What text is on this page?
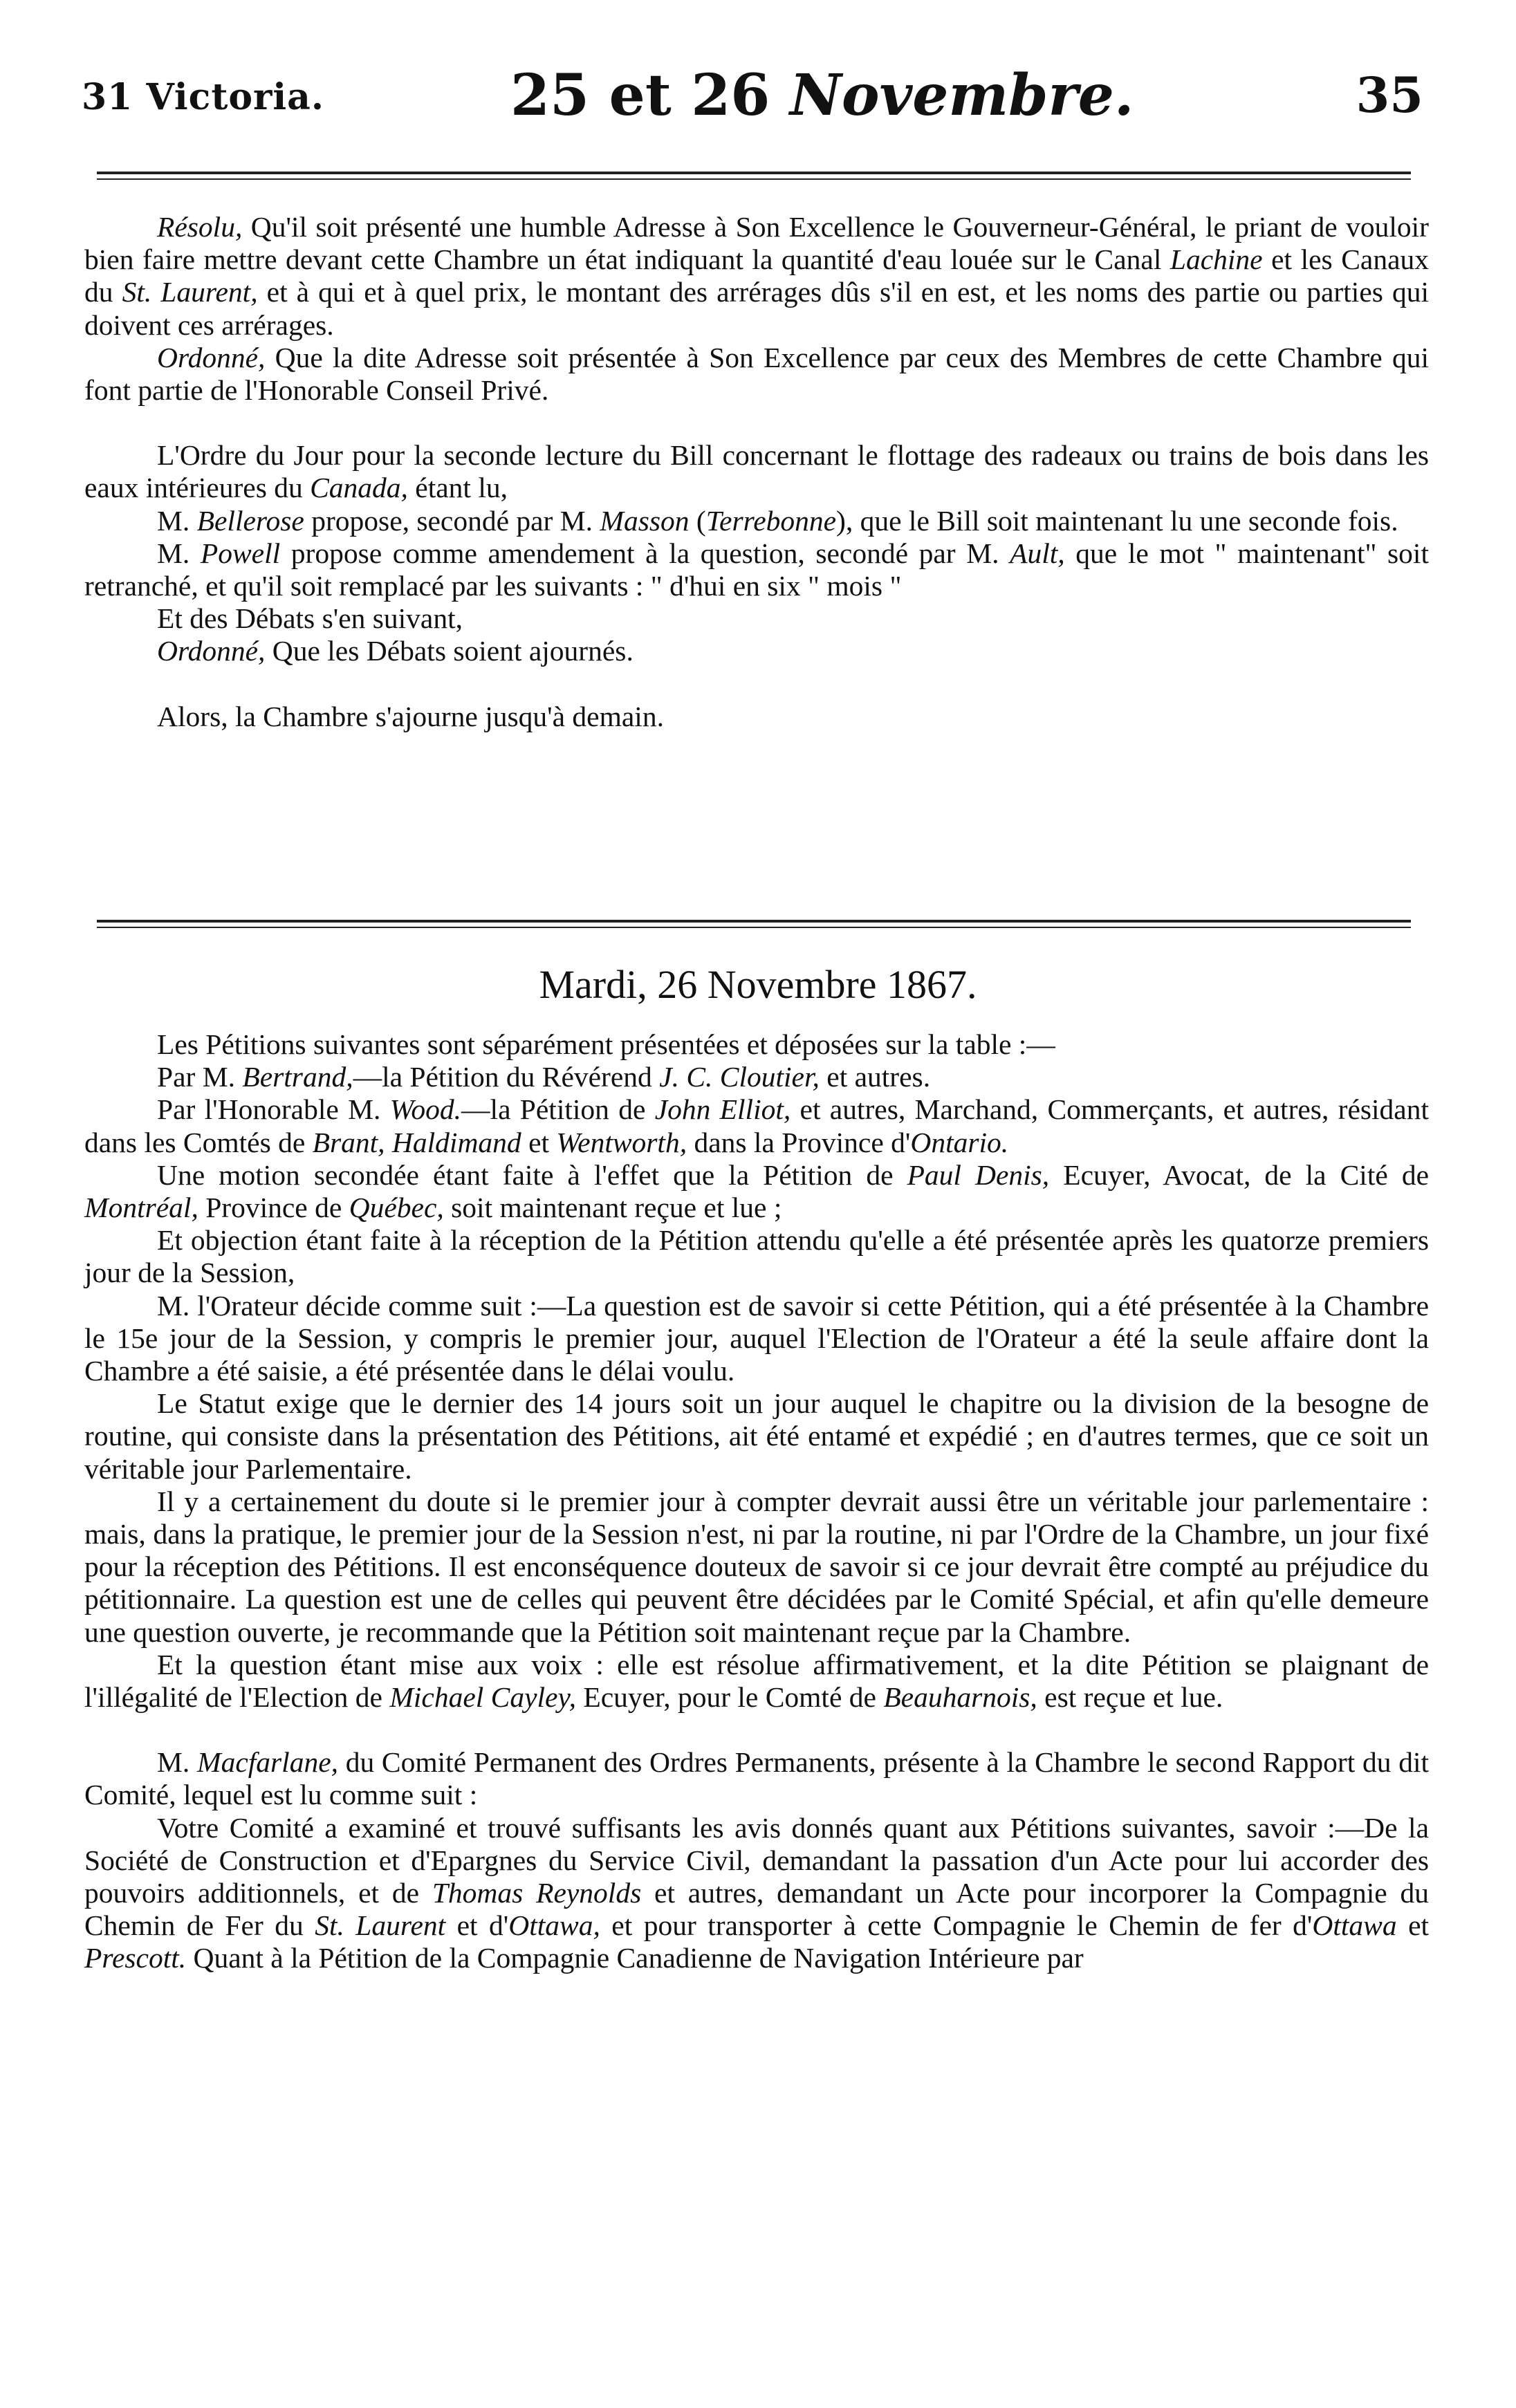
31 Victoria.	25 et 26 Novembre.	35

Résolu, Qu'il soit présenté une humble Adresse à Son Excellence le Gouverneur-Général, le priant de vouloir bien faire mettre devant cette Chambre un état indiquant la quantité d'eau louée sur le Canal Lachine et les Canaux du St. Laurent, et à qui et à quel prix, le montant des arrérages dûs s'il en est, et les noms des partie ou parties qui doivent ces arrérages.

Ordonné, Que la dite Adresse soit présentée à Son Excellence par ceux des Membres de cette Chambre qui font partie de l'Honorable Conseil Privé.

L'Ordre du Jour pour la seconde lecture du Bill concernant le flottage des radeaux ou trains de bois dans les eaux intérieures du Canada, étant lu,

M. Bellerose propose, secondé par M. Masson (Terrebonne), que le Bill soit maintenant lu une seconde fois.

M. Powell propose comme amendement à la question, secondé par M. Ault, que le mot " maintenant" soit retranché, et qu'il soit remplacé par les suivants : " d'hui en six " mois "

Et des Débats s'en suivant,

Ordonné, Que les Débats soient ajournés.

Alors, la Chambre s'ajourne jusqu'à demain.

Mardi, 26 Novembre 1867.

Les Pétitions suivantes sont séparément présentées et déposées sur la table :—

Par M. Bertrand,—la Pétition du Révérend J. C. Cloutier, et autres.

Par l'Honorable M. Wood.—la Pétition de John Elliot, et autres, Marchand, Commerçants, et autres, résidant dans les Comtés de Brant, Haldimand et Wentworth, dans la Province d'Ontario.

Une motion secondée étant faite à l'effet que la Pétition de Paul Denis, Ecuyer, Avocat, de la Cité de Montréal, Province de Québec, soit maintenant reçue et lue ;

Et objection étant faite à la réception de la Pétition attendu qu'elle a été présentée après les quatorze premiers jour de la Session,

M. l'Orateur décide comme suit :—La question est de savoir si cette Pétition, qui a été présentée à la Chambre le 15e jour de la Session, y compris le premier jour, auquel l'Election de l'Orateur a été la seule affaire dont la Chambre a été saisie, a été présentée dans le délai voulu.

Le Statut exige que le dernier des 14 jours soit un jour auquel le chapitre ou la division de la besogne de routine, qui consiste dans la présentation des Pétitions, ait été entamé et expédié ; en d'autres termes, que ce soit un véritable jour Parlementaire.

Il y a certainement du doute si le premier jour à compter devrait aussi être un véritable jour parlementaire : mais, dans la pratique, le premier jour de la Session n'est, ni par la routine, ni par l'Ordre de la Chambre, un jour fixé pour la réception des Pétitions. Il est enconséquence douteux de savoir si ce jour devrait être compté au préjudice du pétitionnaire. La question est une de celles qui peuvent être décidées par le Comité Spécial, et afin qu'elle demeure une question ouverte, je recommande que la Pétition soit maintenant reçue par la Chambre.

Et la question étant mise aux voix : elle est résolue affirmativement, et la dite Pétition se plaignant de l'illégalité de l'Election de Michael Cayley, Ecuyer, pour le Comté de Beauharnois, est reçue et lue.

M. Macfarlane, du Comité Permanent des Ordres Permanents, présente à la Chambre le second Rapport du dit Comité, lequel est lu comme suit :

Votre Comité a examiné et trouvé suffisants les avis donnés quant aux Pétitions suivantes, savoir :—De la Société de Construction et d'Epargnes du Service Civil, demandant la passation d'un Acte pour lui accorder des pouvoirs additionnels, et de Thomas Reynolds et autres, demandant un Acte pour incorporer la Compagnie du Chemin de Fer du St. Laurent et d'Ottawa, et pour transporter à cette Compagnie le Chemin de fer d'Ottawa et Prescott. Quant à la Pétition de la Compagnie Canadienne de Navigation Intérieure par
